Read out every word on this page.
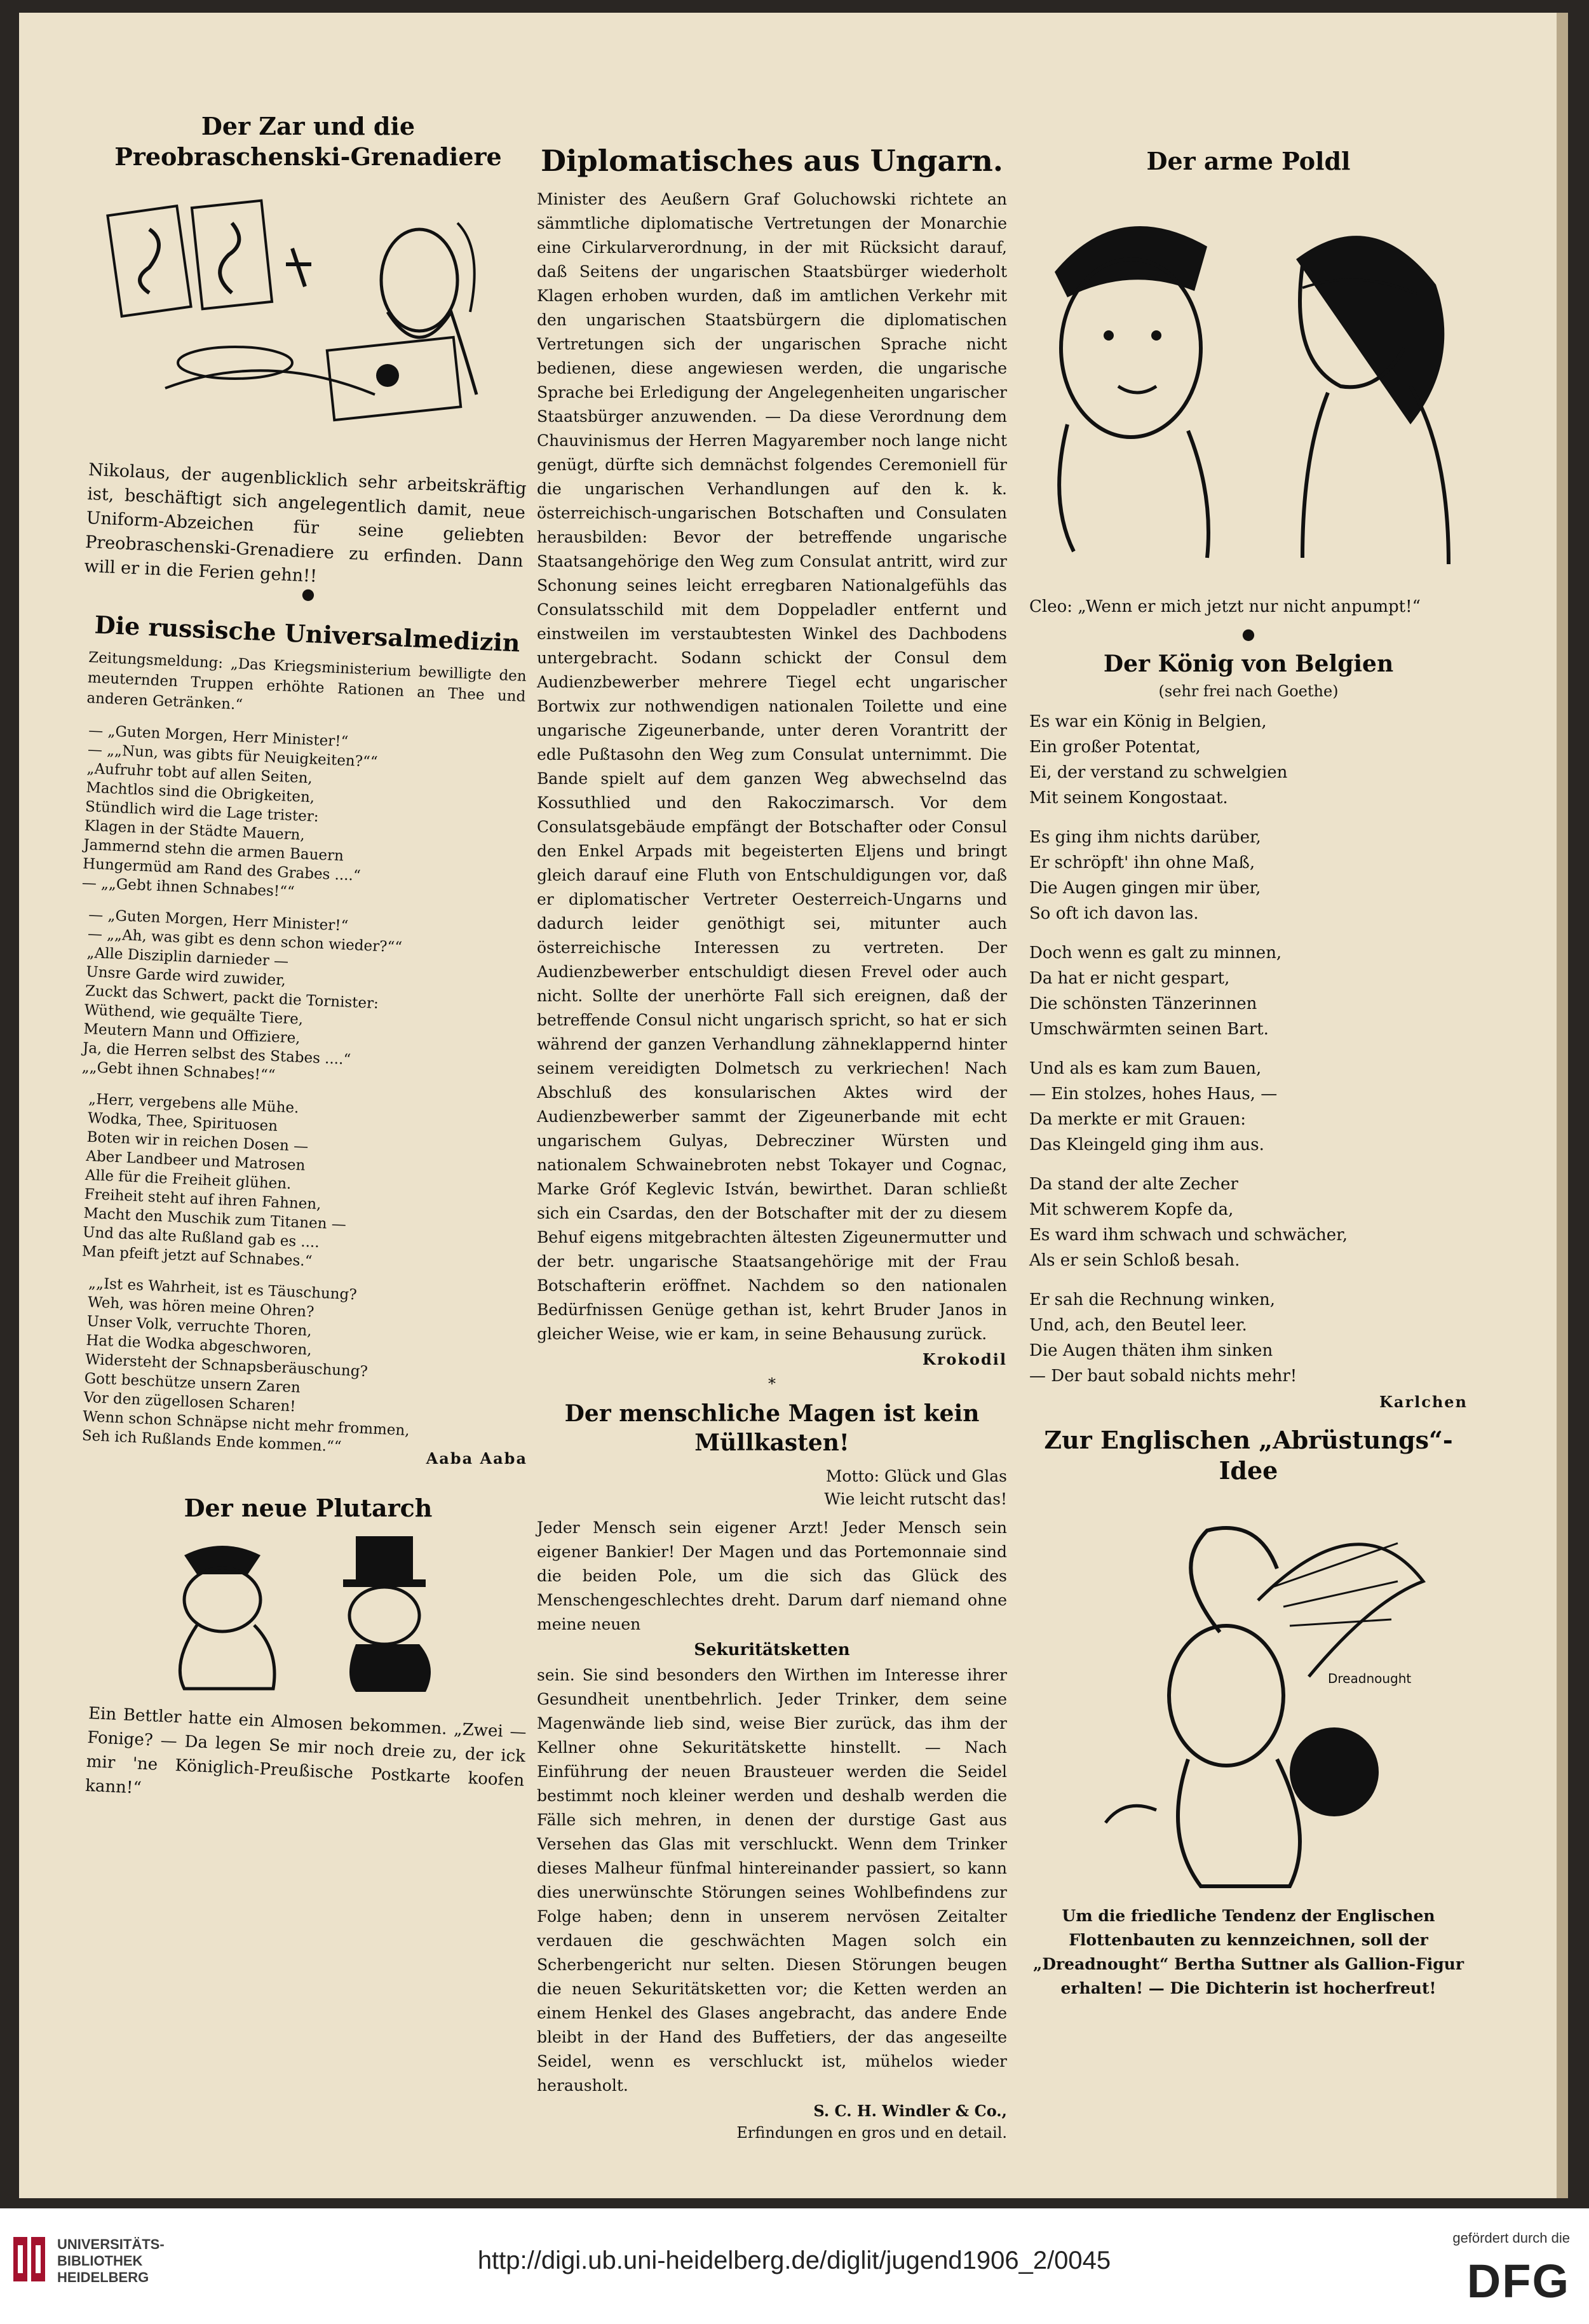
Der Zar und die Preobraschenski-Grenadiere

Nikolaus, der augenblicklich sehr arbeitskräftig ist, beschäftigt sich angelegentlich damit, neue Uniform-Abzeichen für seine geliebten Preobraschenski-Grenadiere zu erfinden. Dann will er in die Ferien gehn!!

●
Die russische Universalmedizin

Zeitungsmeldung: „Das Kriegsministerium bewilligte den meuternden Truppen erhöhte Rationen an Thee und anderen Getränken.“

— „Guten Morgen, Herr Minister!“
— „„Nun, was gibts für Neuigkeiten?““
„Aufruhr tobt auf allen Seiten,
Machtlos sind die Obrigkeiten,
Stündlich wird die Lage trister:
Klagen in der Städte Mauern,
Jammernd stehn die armen Bauern
Hungermüd am Rand des Grabes ....“
— „„Gebt ihnen Schnabes!““

— „Guten Morgen, Herr Minister!“
— „„Ah, was gibt es denn schon wieder?““
„Alle Disziplin darnieder —
Unsre Garde wird zuwider,
Zuckt das Schwert, packt die Tornister:
Wüthend, wie gequälte Tiere,
Meutern Mann und Offiziere,
Ja, die Herren selbst des Stabes ....“
„„Gebt ihnen Schnabes!““

„Herr, vergebens alle Mühe.
Wodka, Thee, Spirituosen
Boten wir in reichen Dosen —
Aber Landbeer und Matrosen
Alle für die Freiheit glühen.
Freiheit steht auf ihren Fahnen,
Macht den Muschik zum Titanen —
Und das alte Rußland gab es ....
Man pfeift jetzt auf Schnabes.“

„„Ist es Wahrheit, ist es Täuschung?
Weh, was hören meine Ohren?
Unser Volk, verruchte Thoren,
Hat die Wodka abgeschworen,
Widersteht der Schnapsberäuschung?
Gott beschütze unsern Zaren
Vor den zügellosen Scharen!
Wenn schon Schnäpse nicht mehr frommen,
Seh ich Rußlands Ende kommen.““

Aaba Aaba
Der neue Plutarch

Ein Bettler hatte ein Almosen bekommen. „Zwei — Fonige? — Da legen Se mir noch dreie zu, der ick mir 'ne Königlich-Preußische Postkarte koofen kann!“

Diplomatisches aus Ungarn.

Minister des Aeußern Graf Goluchowski richtete an sämmtliche diplomatische Vertretungen der Monarchie eine Cirkularverordnung, in der mit Rücksicht darauf, daß Seitens der ungarischen Staatsbürger wiederholt Klagen erhoben wurden, daß im amtlichen Verkehr mit den ungarischen Staatsbürgern die diplomatischen Vertretungen sich der ungarischen Sprache nicht bedienen, diese angewiesen werden, die ungarische Sprache bei Erledigung der Angelegenheiten ungarischer Staatsbürger anzuwenden. — Da diese Verordnung dem Chauvinismus der Herren Magyarember noch lange nicht genügt, dürfte sich demnächst folgendes Ceremoniell für die ungarischen Verhandlungen auf den k. k. österreichisch-ungarischen Botschaften und Consulaten herausbilden: Bevor der betreffende ungarische Staatsangehörige den Weg zum Consulat antritt, wird zur Schonung seines leicht erregbaren Nationalgefühls das Consulatsschild mit dem Doppeladler entfernt und einstweilen im verstaubtesten Winkel des Dachbodens untergebracht. Sodann schickt der Consul dem Audienzbewerber mehrere Tiegel echt ungarischer Bortwix zur nothwendigen nationalen Toilette und eine ungarische Zigeunerbande, unter deren Vorantritt der edle Pußtasohn den Weg zum Consulat unternimmt. Die Bande spielt auf dem ganzen Weg abwechselnd das Kossuthlied und den Rakoczimarsch. Vor dem Consulatsgebäude empfängt der Botschafter oder Consul den Enkel Arpads mit begeisterten Eljens und bringt gleich darauf eine Fluth von Entschuldigungen vor, daß er diplomatischer Vertreter Oesterreich-Ungarns und dadurch leider genöthigt sei, mitunter auch österreichische Interessen zu vertreten. Der Audienzbewerber entschuldigt diesen Frevel oder auch nicht. Sollte der unerhörte Fall sich ereignen, daß der betreffende Consul nicht ungarisch spricht, so hat er sich während der ganzen Verhandlung zähneklappernd hinter seinem vereidigten Dolmetsch zu verkriechen! Nach Abschluß des konsularischen Aktes wird der Audienzbewerber sammt der Zigeunerbande mit echt ungarischem Gulyas, Debrecziner Würsten und nationalem Schwainebroten nebst Tokayer und Cognac, Marke Gróf Keglevic István, bewirthet. Daran schließt sich ein Csardas, den der Botschafter mit der zu diesem Behuf eigens mitgebrachten ältesten Zigeunermutter und der betr. ungarische Staatsangehörige mit der Frau Botschafterin eröffnet. Nachdem so den nationalen Bedürfnissen Genüge gethan ist, kehrt Bruder Janos in gleicher Weise, wie er kam, in seine Behausung zurück.

Krokodil
*
Der menschliche Magen ist kein Müllkasten!

Motto: Glück und Glas
Wie leicht rutscht das!

Jeder Mensch sein eigener Arzt! Jeder Mensch sein eigener Bankier! Der Magen und das Portemonnaie sind die beiden Pole, um die sich das Glück des Menschengeschlechtes dreht. Darum darf niemand ohne meine neuen

Sekuritätsketten

sein. Sie sind besonders den Wirthen im Interesse ihrer Gesundheit unentbehrlich. Jeder Trinker, dem seine Magenwände lieb sind, weise Bier zurück, das ihm der Kellner ohne Sekuritätskette hinstellt. — Nach Einführung der neuen Brausteuer werden die Seidel bestimmt noch kleiner werden und deshalb werden die Fälle sich mehren, in denen der durstige Gast aus Versehen das Glas mit verschluckt. Wenn dem Trinker dieses Malheur fünfmal hintereinander passiert, so kann dies unerwünschte Störungen seines Wohlbefindens zur Folge haben; denn in unserem nervösen Zeitalter verdauen die geschwächten Magen solch ein Scherbengericht nur selten. Diesen Störungen beugen die neuen Sekuritätsketten vor; die Ketten werden an einem Henkel des Glases angebracht, das andere Ende bleibt in der Hand des Buffetiers, der das angeseilte Seidel, wenn es verschluckt ist, mühelos wieder herausholt.

S. C. H. Windler & Co.,
Erfindungen en gros und en detail.
Der arme Poldl

Cleo: „Wenn er mich jetzt nur nicht anpumpt!“

●
Der König von Belgien
(sehr frei nach Goethe)

Es war ein König in Belgien,
Ein großer Potentat,
Ei, der verstand zu schwelgien
Mit seinem Kongostaat.

Es ging ihm nichts darüber,
Er schröpft' ihn ohne Maß,
Die Augen gingen mir über,
So oft ich davon las.

Doch wenn es galt zu minnen,
Da hat er nicht gespart,
Die schönsten Tänzerinnen
Umschwärmten seinen Bart.

Und als es kam zum Bauen,
— Ein stolzes, hohes Haus, —
Da merkte er mit Grauen:
Das Kleingeld ging ihm aus.

Da stand der alte Zecher
Mit schwerem Kopfe da,
Es ward ihm schwach und schwächer,
Als er sein Schloß besah.

Er sah die Rechnung winken,
Und, ach, den Beutel leer.
Die Augen thäten ihm sinken
— Der baut sobald nichts mehr!

Karlchen
Zur Englischen „Abrüstungs“-Idee
Dreadnought

Um die friedliche Tendenz der Englischen Flottenbauten zu kennzeichnen, soll der „Dreadnought“ Bertha Suttner als Gallion-Figur erhalten! — Die Dichterin ist hocherfreut!

UNIVERSITÄTS-
BIBLIOTHEK
HEIDELBERG
http://digi.ub.uni-heidelberg.de/diglit/jugend1906_2/0045
gefördert durch die
DFG
